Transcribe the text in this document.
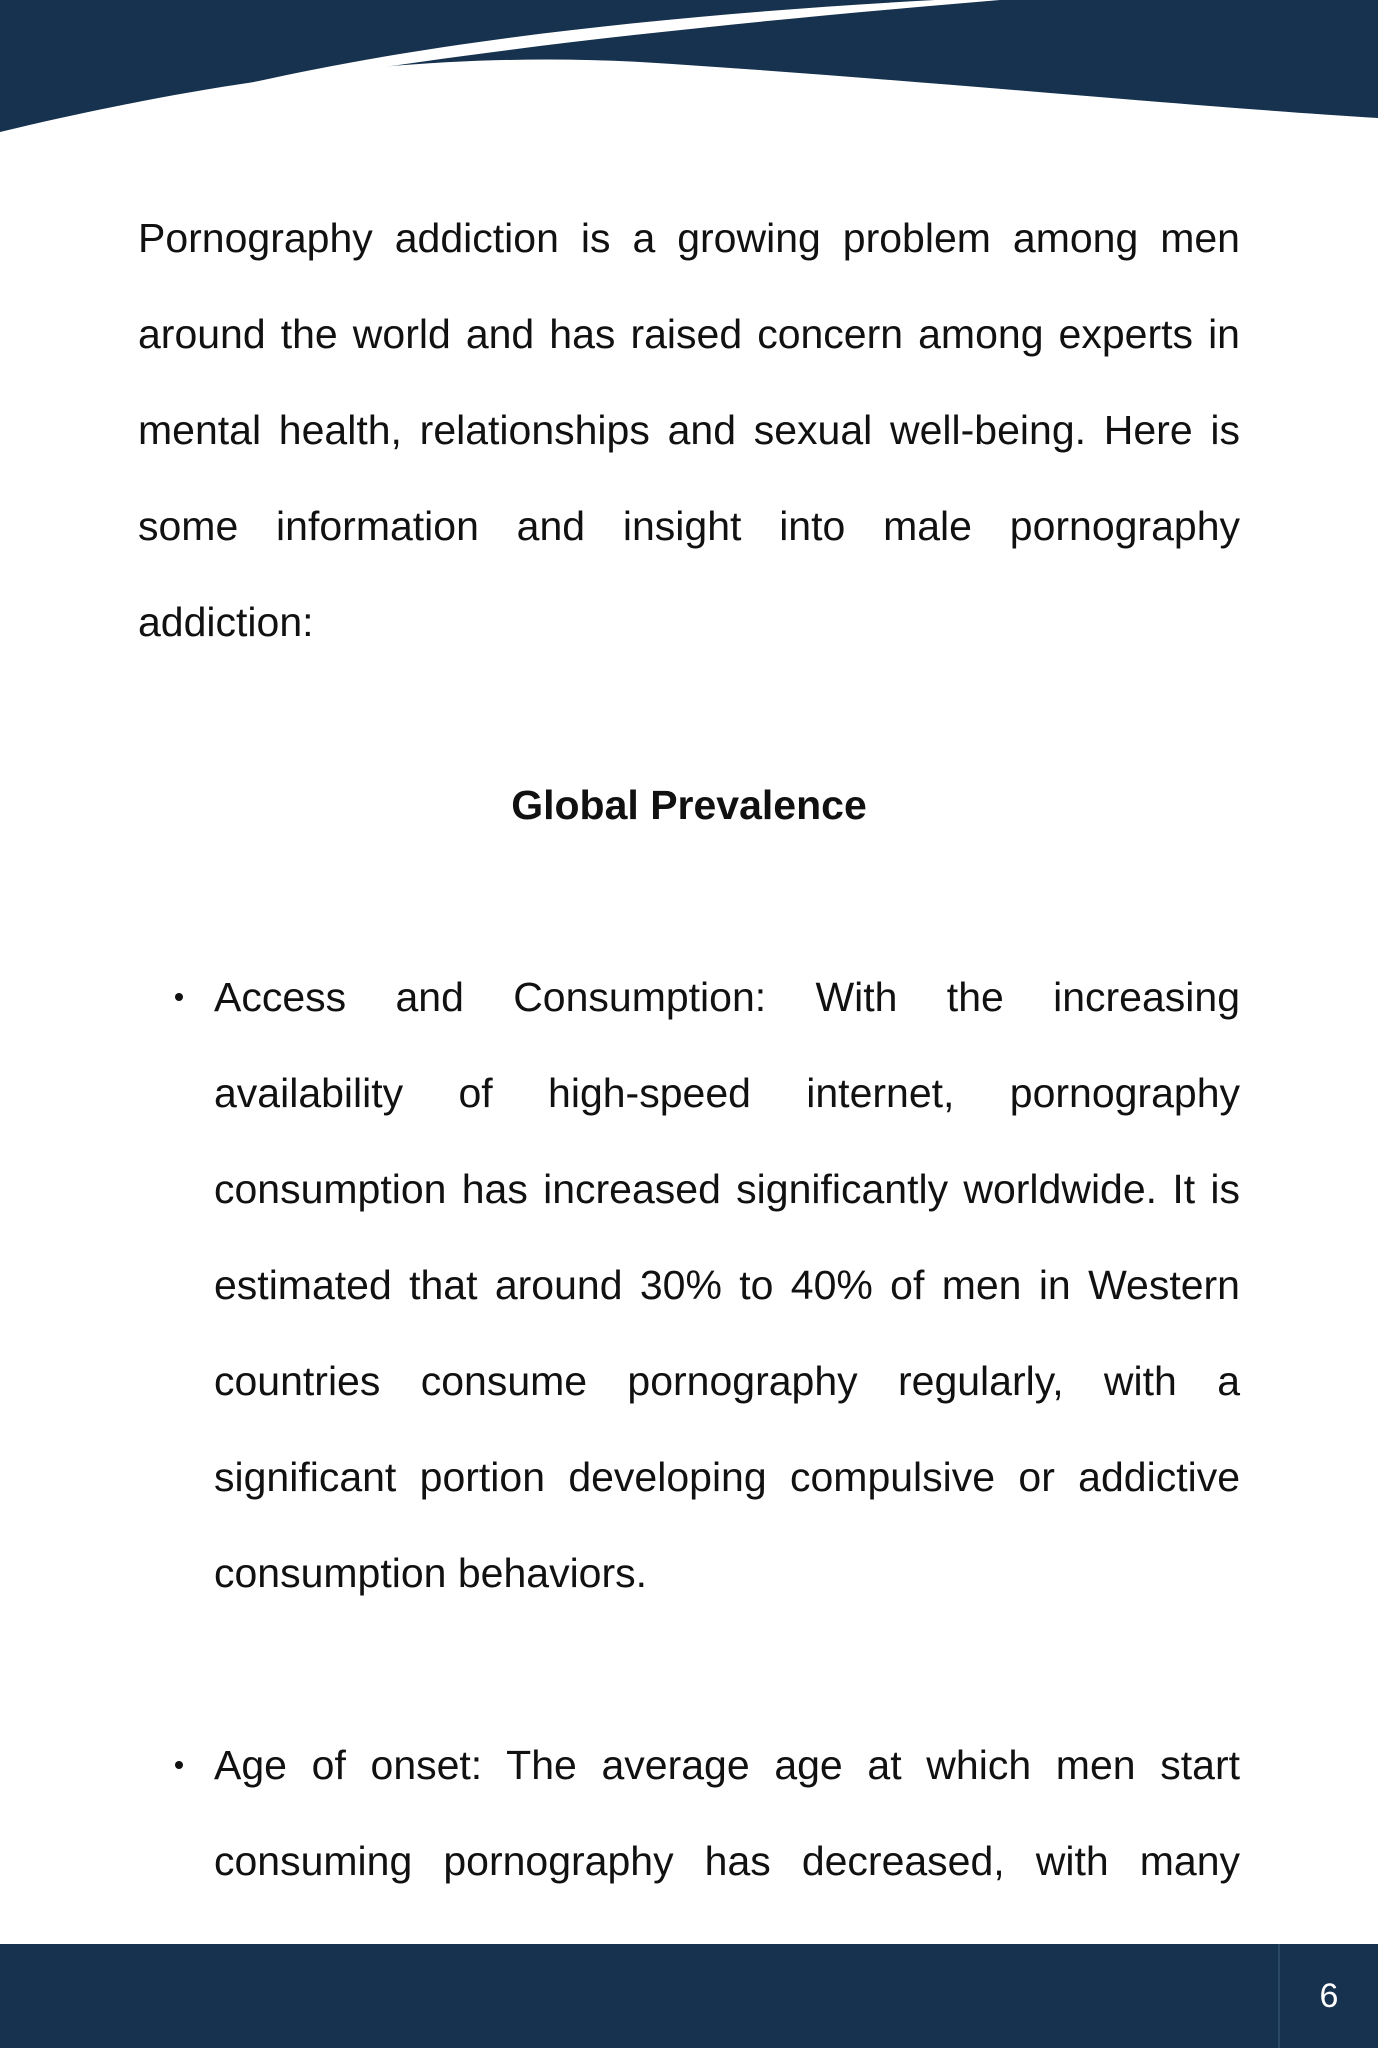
Pornography addiction is a growing problem among men around the world and has raised concern among experts in mental health, relationships and sexual well-being. Here is some information and insight into male pornography addiction:

Global Prevalence
Access and Consumption: With the increasing availability of high-speed internet, pornography consumption has increased significantly worldwide. It is estimated that around 30% to 40% of men in Western countries consume pornography regularly, with a significant portion developing compulsive or addictive consumption behaviors.
Age of onset: The average age at which men start consuming pornography has decreased, with many
6
